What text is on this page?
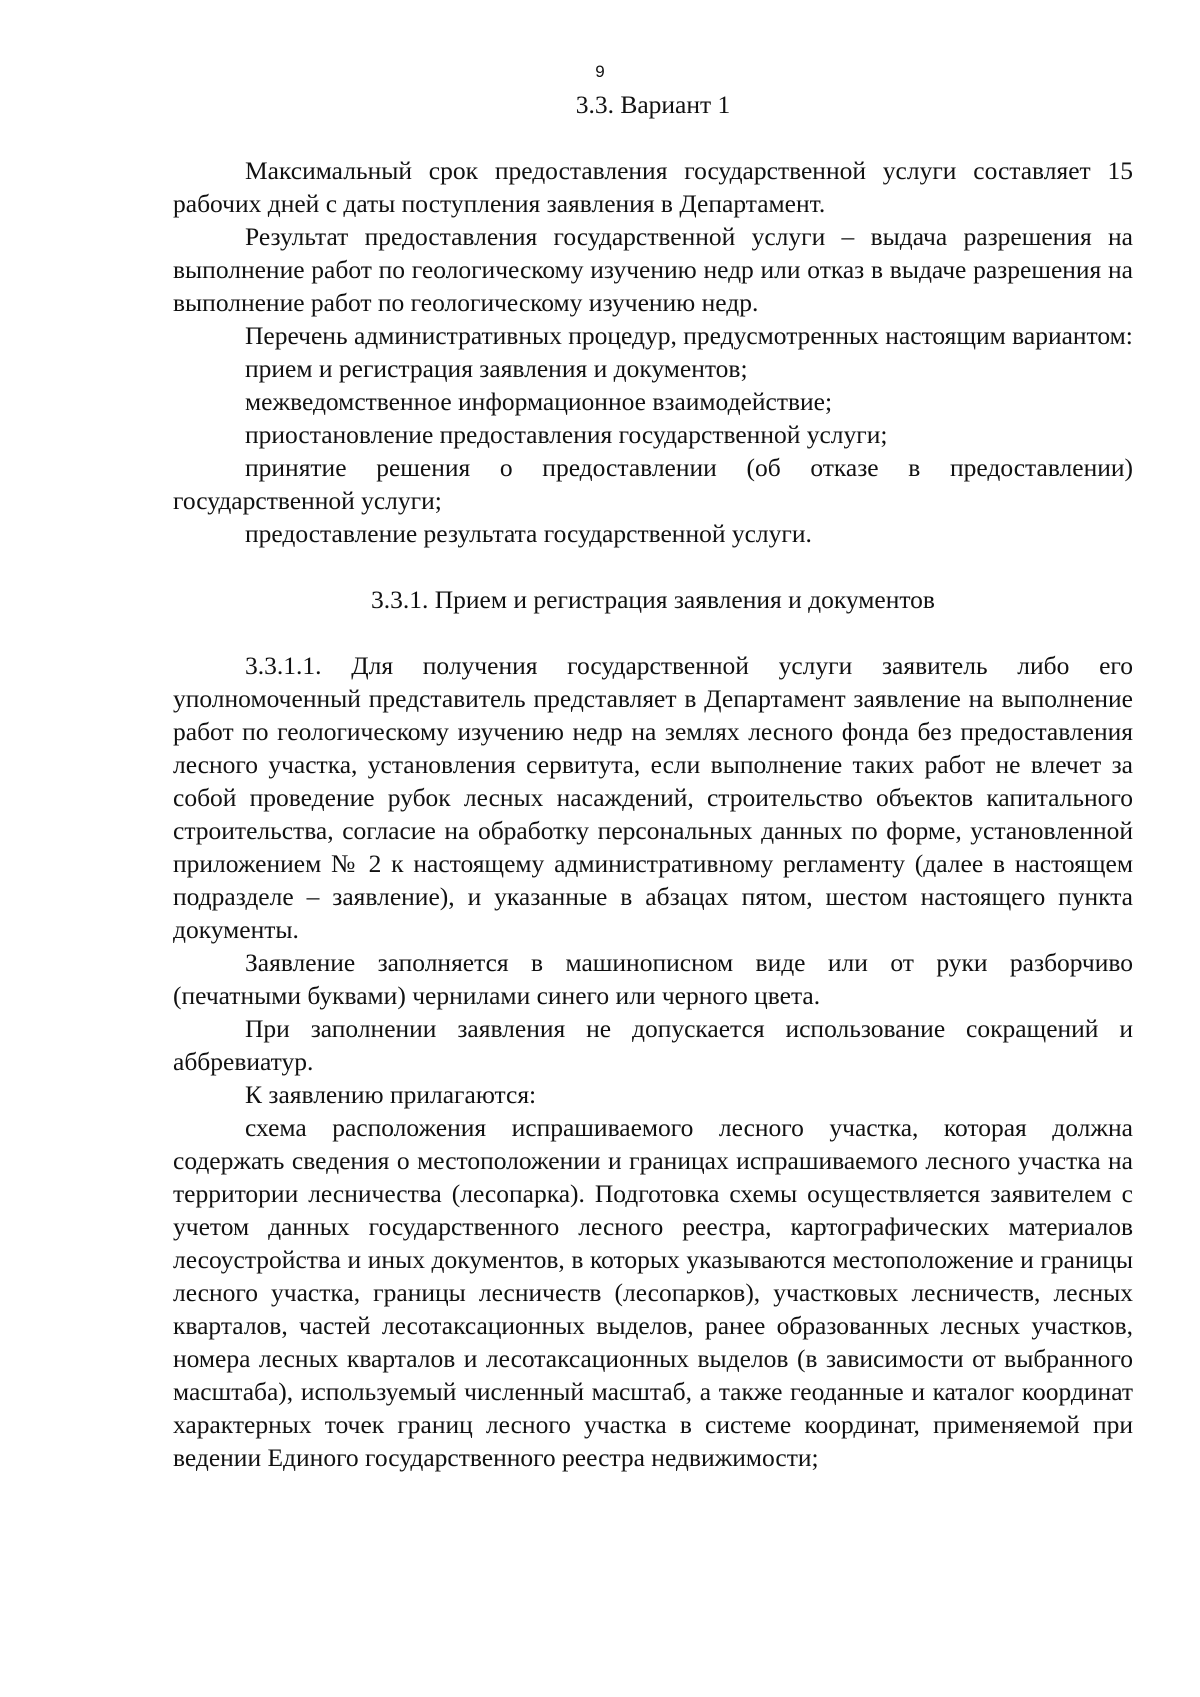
9

3.3. Вариант 1

Максимальный срок предоставления государственной услуги составляет 15 рабочих дней с даты поступления заявления в Департамент.

Результат предоставления государственной услуги – выдача разрешения на выполнение работ по геологическому изучению недр или отказ в выдаче разрешения на выполнение работ по геологическому изучению недр.

Перечень административных процедур, предусмотренных настоящим вариантом:

прием и регистрация заявления и документов;

межведомственное информационное взаимодействие;

приостановление предоставления государственной услуги;

принятие решения о предоставлении (об отказе в предоставлении) государственной услуги;

предоставление результата государственной услуги.

3.3.1. Прием и регистрация заявления и документов

3.3.1.1. Для получения государственной услуги заявитель либо его уполномоченный представитель представляет в Департамент заявление на выполнение работ по геологическому изучению недр на землях лесного фонда без предоставления лесного участка, установления сервитута, если выполнение таких работ не влечет за собой проведение рубок лесных насаждений, строительство объектов капитального строительства, согласие на обработку персональных данных по форме, установленной приложением № 2 к настоящему административному регламенту (далее в настоящем подразделе – заявление), и указанные в абзацах пятом, шестом настоящего пункта документы.

Заявление заполняется в машинописном виде или от руки разборчиво (печатными буквами) чернилами синего или черного цвета.

При заполнении заявления не допускается использование сокращений и аббревиатур.

К заявлению прилагаются:

схема расположения испрашиваемого лесного участка, которая должна содержать сведения о местоположении и границах испрашиваемого лесного участка на территории лесничества (лесопарка). Подготовка схемы осуществляется заявителем с учетом данных государственного лесного реестра, картографических материалов лесоустройства и иных документов, в которых указываются местоположение и границы лесного участка, границы лесничеств (лесопарков), участковых лесничеств, лесных кварталов, частей лесотаксационных выделов, ранее образованных лесных участков, номера лесных кварталов и лесотаксационных выделов (в зависимости от выбранного масштаба), используемый численный масштаб, а также геоданные и каталог координат характерных точек границ лесного участка в системе координат, применяемой при ведении Единого государственного реестра недвижимости;
